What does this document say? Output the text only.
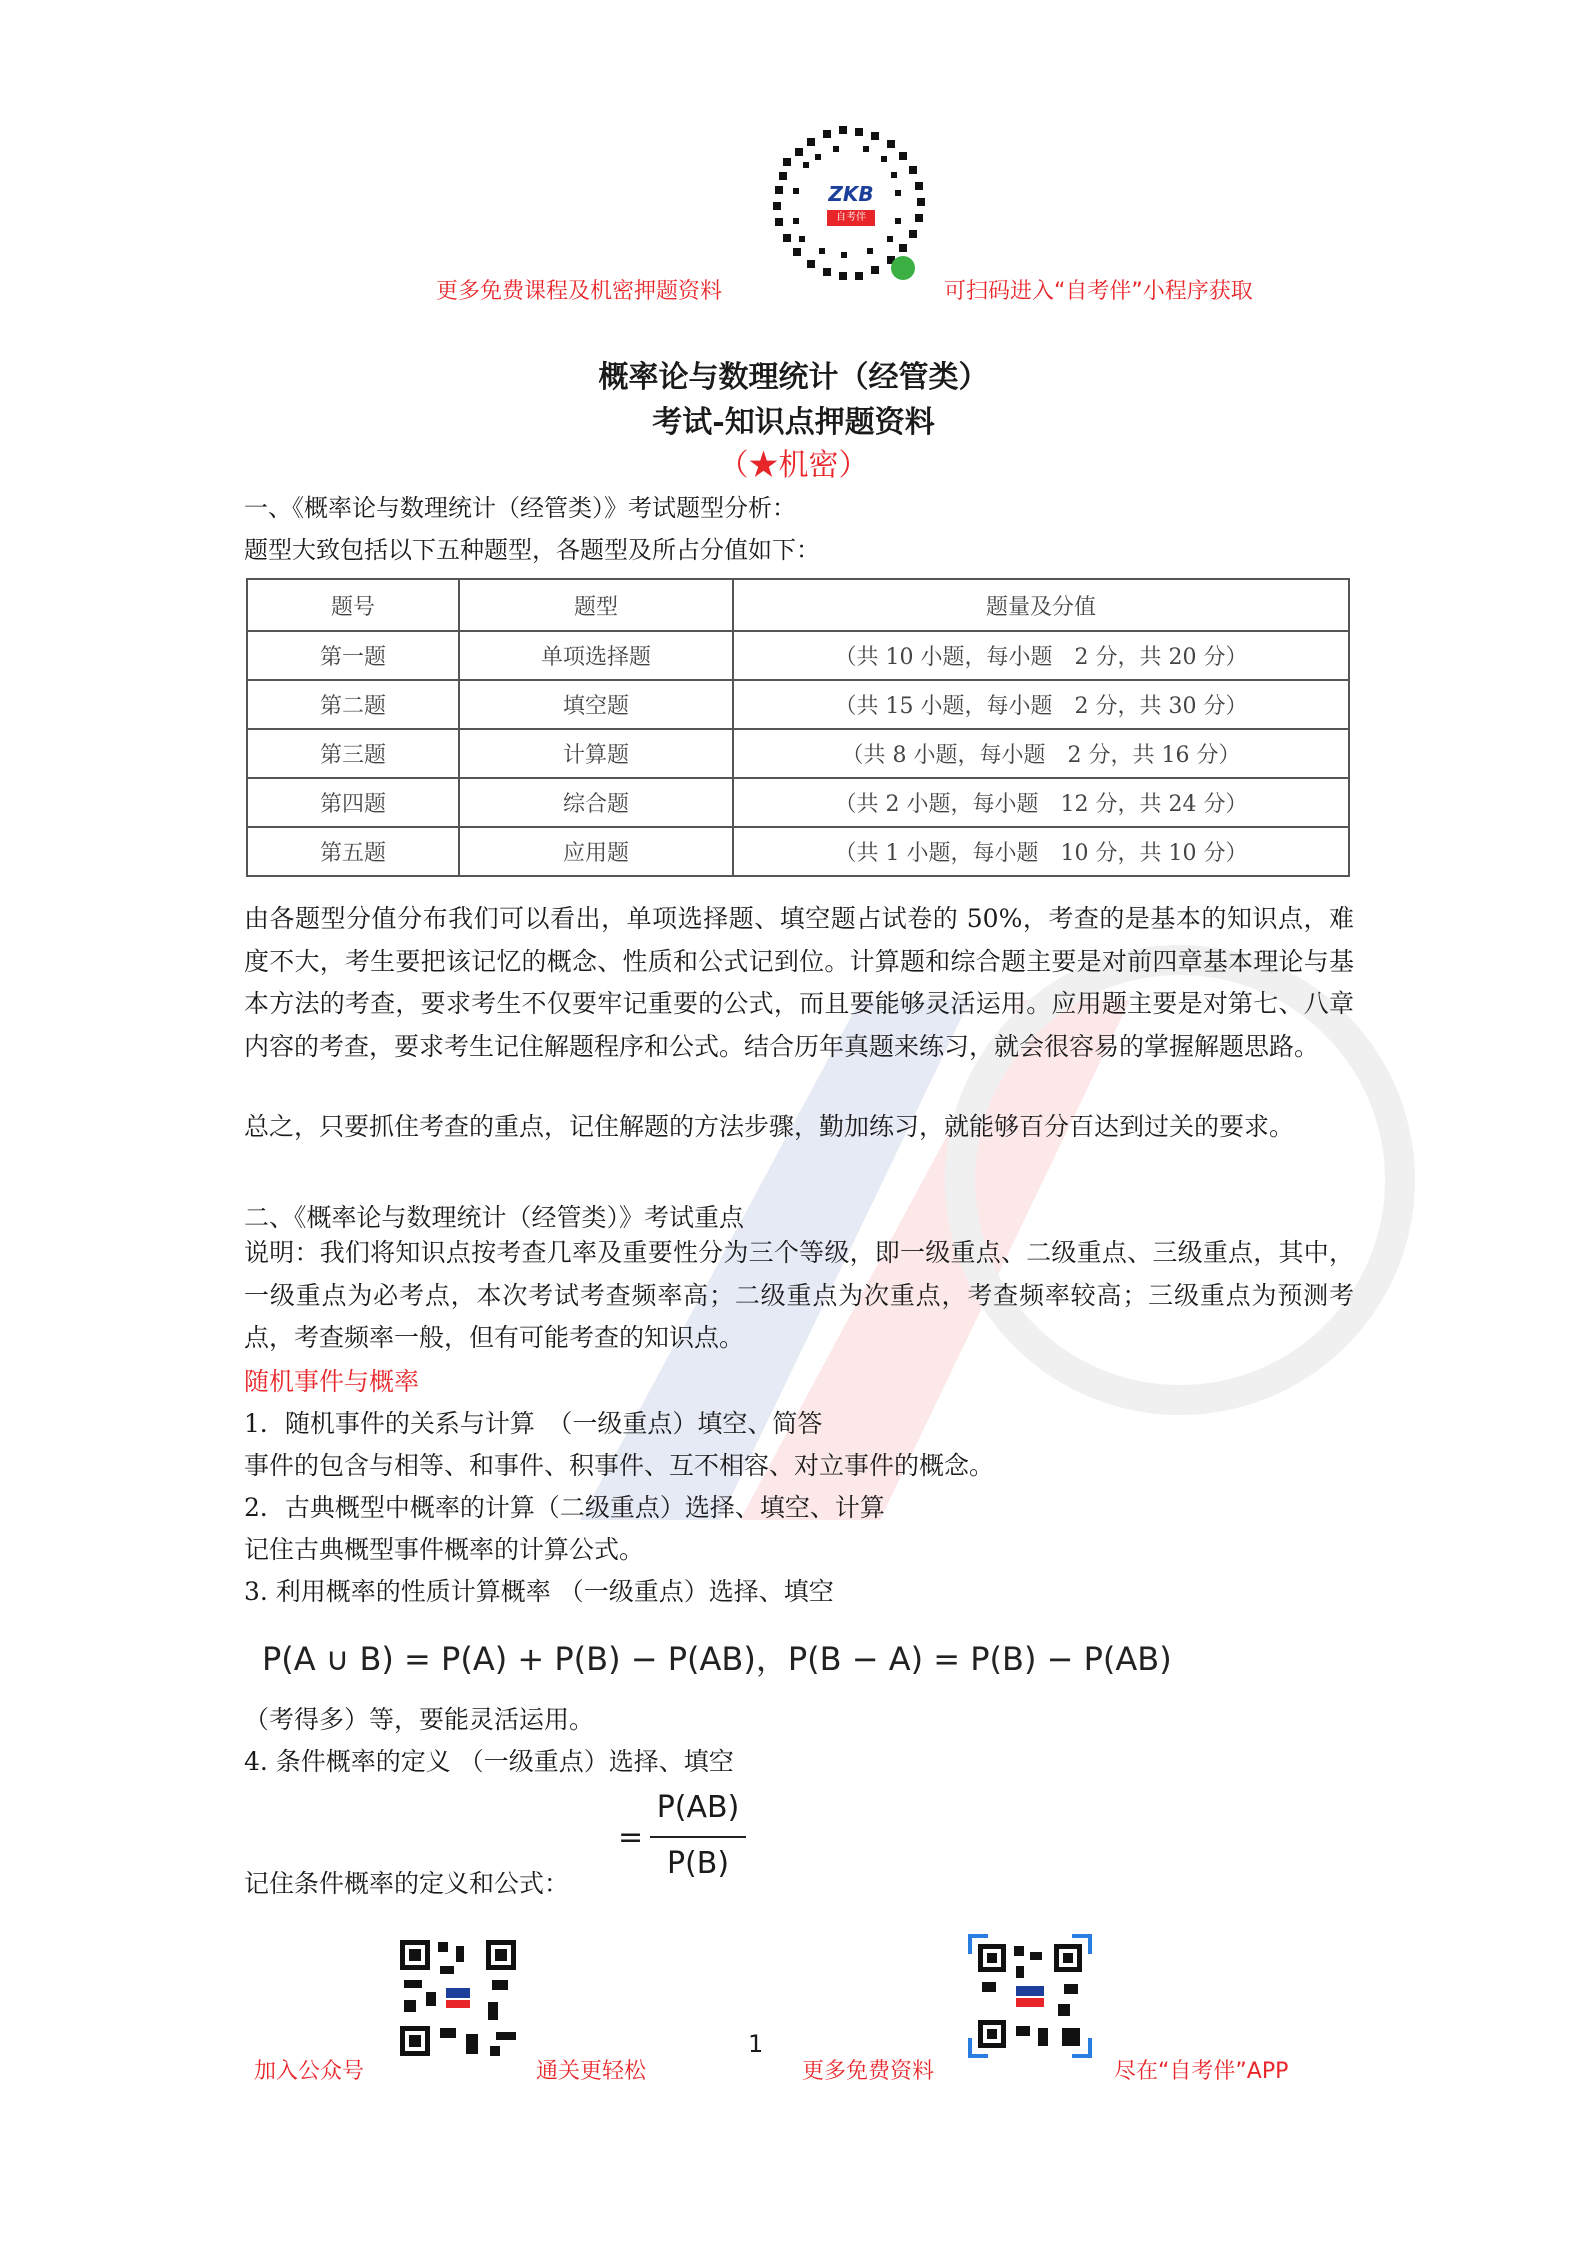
ZKB
自考伴
更多免费课程及机密押题资料	可扫码进入“自考伴”小程序获取
概率论与数理统计（经管类）
考试-知识点押题资料
（★机密）
一、《概率论与数理统计（经管类）》考试题型分析：
题型大致包括以下五种题型，各题型及所占分值如下：
题号	题型	题量及分值
第一题	单项选择题	（共 10 小题，每小题　2 分，共 20 分）
第二题	填空题	（共 15 小题，每小题　2 分，共 30 分）
第三题	计算题	（共 8 小题，每小题　2 分，共 16 分）
第四题	综合题	（共 2 小题，每小题　12 分，共 24 分）
第五题	应用题	（共 1 小题，每小题　10 分，共 10 分）
由各题型分值分布我们可以看出，单项选择题、填空题占试卷的 50%，考查的是基本的知识点，难度不大，考生要把该记忆的概念、性质和公式记到位。计算题和综合题主要是对前四章基本理论与基本方法的考查，要求考生不仅要牢记重要的公式，而且要能够灵活运用。应用题主要是对第七、八章内容的考查，要求考生记住解题程序和公式。结合历年真题来练习，就会很容易的掌握解题思路。
总之，只要抓住考查的重点，记住解题的方法步骤，勤加练习，就能够百分百达到过关的要求。
二、《概率论与数理统计（经管类）》考试重点
说明：我们将知识点按考查几率及重要性分为三个等级，即一级重点、二级重点、三级重点，其中，一级重点为必考点，本次考试考查频率高；二级重点为次重点，考查频率较高；三级重点为预测考点，考查频率一般，但有可能考查的知识点。
随机事件与概率
1．随机事件的关系与计算　（一级重点）填空、简答
事件的包含与相等、和事件、积事件、互不相容、对立事件的概念。
2．古典概型中概率的计算（二级重点）选择、填空、计算
记住古典概型事件概率的计算公式。
3. 利用概率的性质计算概率 （一级重点）选择、填空
P(A ∪ B) = P(A) + P(B) − P(AB)，P(B − A) = P(B) − P(AB)
（考得多）等，要能灵活运用。
4. 条件概率的定义 （一级重点）选择、填空
=
P(AB)
P(B)
记住条件概率的定义和公式：
加入公众号	通关更轻松
1
更多免费资料	尽在“自考伴”APP
